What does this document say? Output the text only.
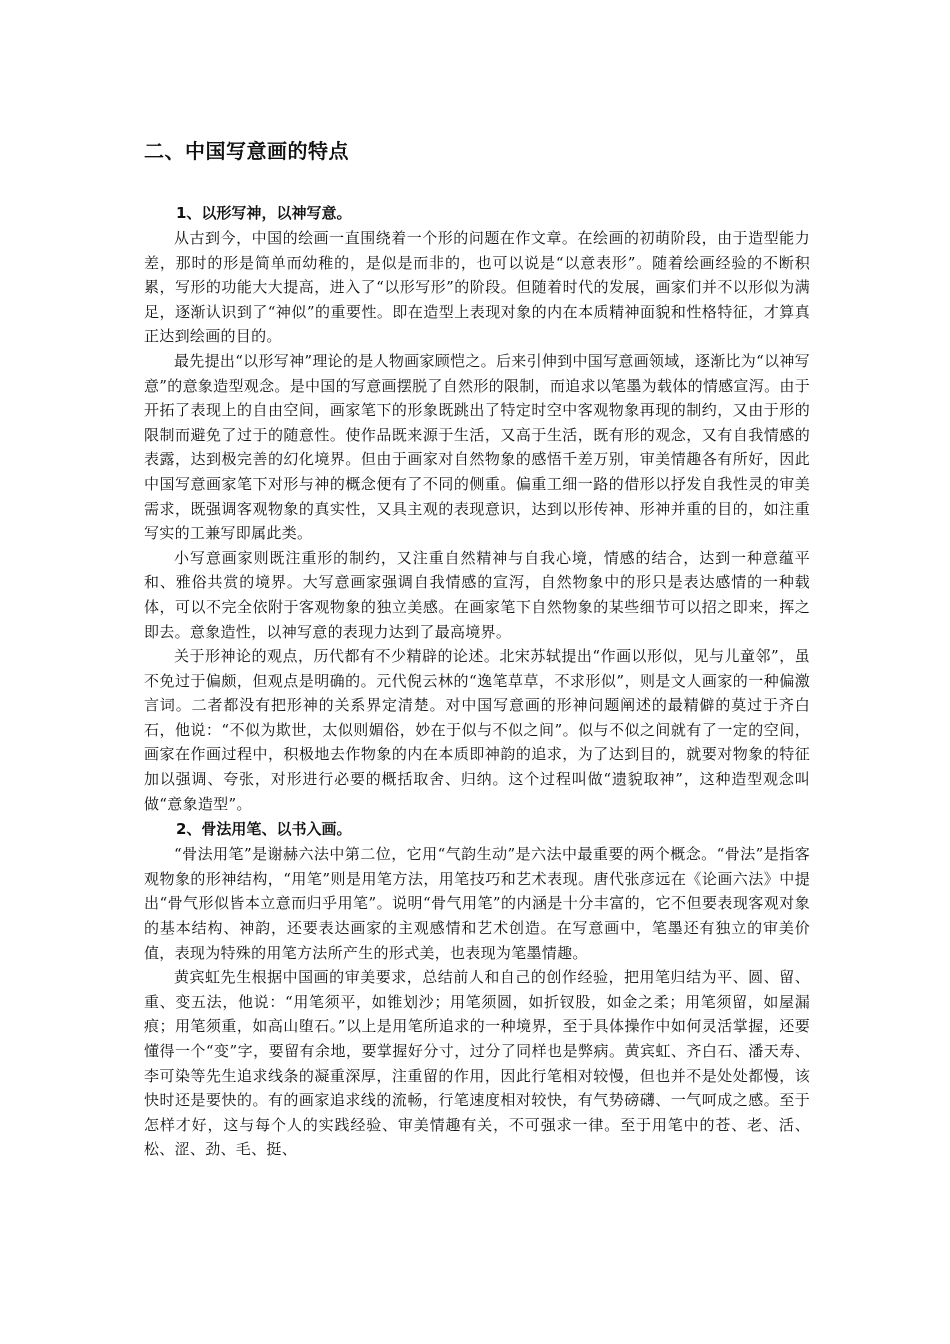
二、中国写意画的特点
1、以形写神，以神写意。

从古到今，中国的绘画一直围绕着一个形的问题在作文章。在绘画的初萌阶段，由于造型能力差，那时的形是简单而幼稚的，是似是而非的，也可以说是“以意表形”。随着绘画经验的不断积累，写形的功能大大提高，进入了“以形写形”的阶段。但随着时代的发展，画家们并不以形似为满足，逐渐认识到了“神似”的重要性。即在造型上表现对象的内在本质精神面貌和性格特征，才算真正达到绘画的目的。

最先提出“以形写神”理论的是人物画家顾恺之。后来引伸到中国写意画领域，逐渐比为“以神写意”的意象造型观念。是中国的写意画摆脱了自然形的限制，而追求以笔墨为载体的情感宣泻。由于开拓了表现上的自由空间，画家笔下的形象既跳出了特定时空中客观物象再现的制约，又由于形的限制而避免了过于的随意性。使作品既来源于生活，又高于生活，既有形的观念，又有自我情感的表露，达到极完善的幻化境界。但由于画家对自然物象的感悟千差万别，审美情趣各有所好，因此中国写意画家笔下对形与神的概念便有了不同的侧重。偏重工细一路的借形以抒发自我性灵的审美需求，既强调客观物象的真实性，又具主观的表现意识，达到以形传神、形神并重的目的，如注重写实的工兼写即属此类。

小写意画家则既注重形的制约，又注重自然精神与自我心境，情感的结合，达到一种意蕴平和、雅俗共赏的境界。大写意画家强调自我情感的宣泻，自然物象中的形只是表达感情的一种载体，可以不完全依附于客观物象的独立美感。在画家笔下自然物象的某些细节可以招之即来，挥之即去。意象造性，以神写意的表现力达到了最高境界。

关于形神论的观点，历代都有不少精辟的论述。北宋苏轼提出“作画以形似，见与儿童邻”，虽不免过于偏颇，但观点是明确的。元代倪云林的“逸笔草草，不求形似”，则是文人画家的一种偏激言词。二者都没有把形神的关系界定清楚。对中国写意画的形神问题阐述的最精僻的莫过于齐白石，他说：“不似为欺世，太似则媚俗，妙在于似与不似之间”。似与不似之间就有了一定的空间，画家在作画过程中，积极地去作物象的内在本质即神韵的追求，为了达到目的，就要对物象的特征加以强调、夸张，对形进行必要的概括取舍、归纳。这个过程叫做“遗貌取神”，这种造型观念叫做“意象造型”。

2、骨法用笔、以书入画。

“骨法用笔”是谢赫六法中第二位，它用“气韵生动”是六法中最重要的两个概念。“骨法”是指客观物象的形神结构，“用笔”则是用笔方法，用笔技巧和艺术表现。唐代张彦远在《论画六法》中提出“骨气形似皆本立意而归乎用笔”。说明“骨气用笔”的内涵是十分丰富的，它不但要表现客观对象的基本结构、神韵，还要表达画家的主观感情和艺术创造。在写意画中，笔墨还有独立的审美价值，表现为特殊的用笔方法所产生的形式美，也表现为笔墨情趣。

黄宾虹先生根据中国画的审美要求，总结前人和自己的创作经验，把用笔归结为平、圆、留、重、变五法，他说：“用笔须平，如锥划沙；用笔须圆，如折钗股，如金之柔；用笔须留，如屋漏痕；用笔须重，如高山堕石。”以上是用笔所追求的一种境界，至于具体操作中如何灵活掌握，还要懂得一个“变”字，要留有余地，要掌握好分寸，过分了同样也是弊病。黄宾虹、齐白石、潘天寿、李可染等先生追求线条的凝重深厚，注重留的作用，因此行笔相对较慢，但也并不是处处都慢，该快时还是要快的。有的画家追求线的流畅，行笔速度相对较快，有气势磅礴、一气呵成之感。至于怎样才好，这与每个人的实践经验、审美情趣有关，不可强求一律。至于用笔中的苍、老、活、松、涩、劲、毛、挺、
